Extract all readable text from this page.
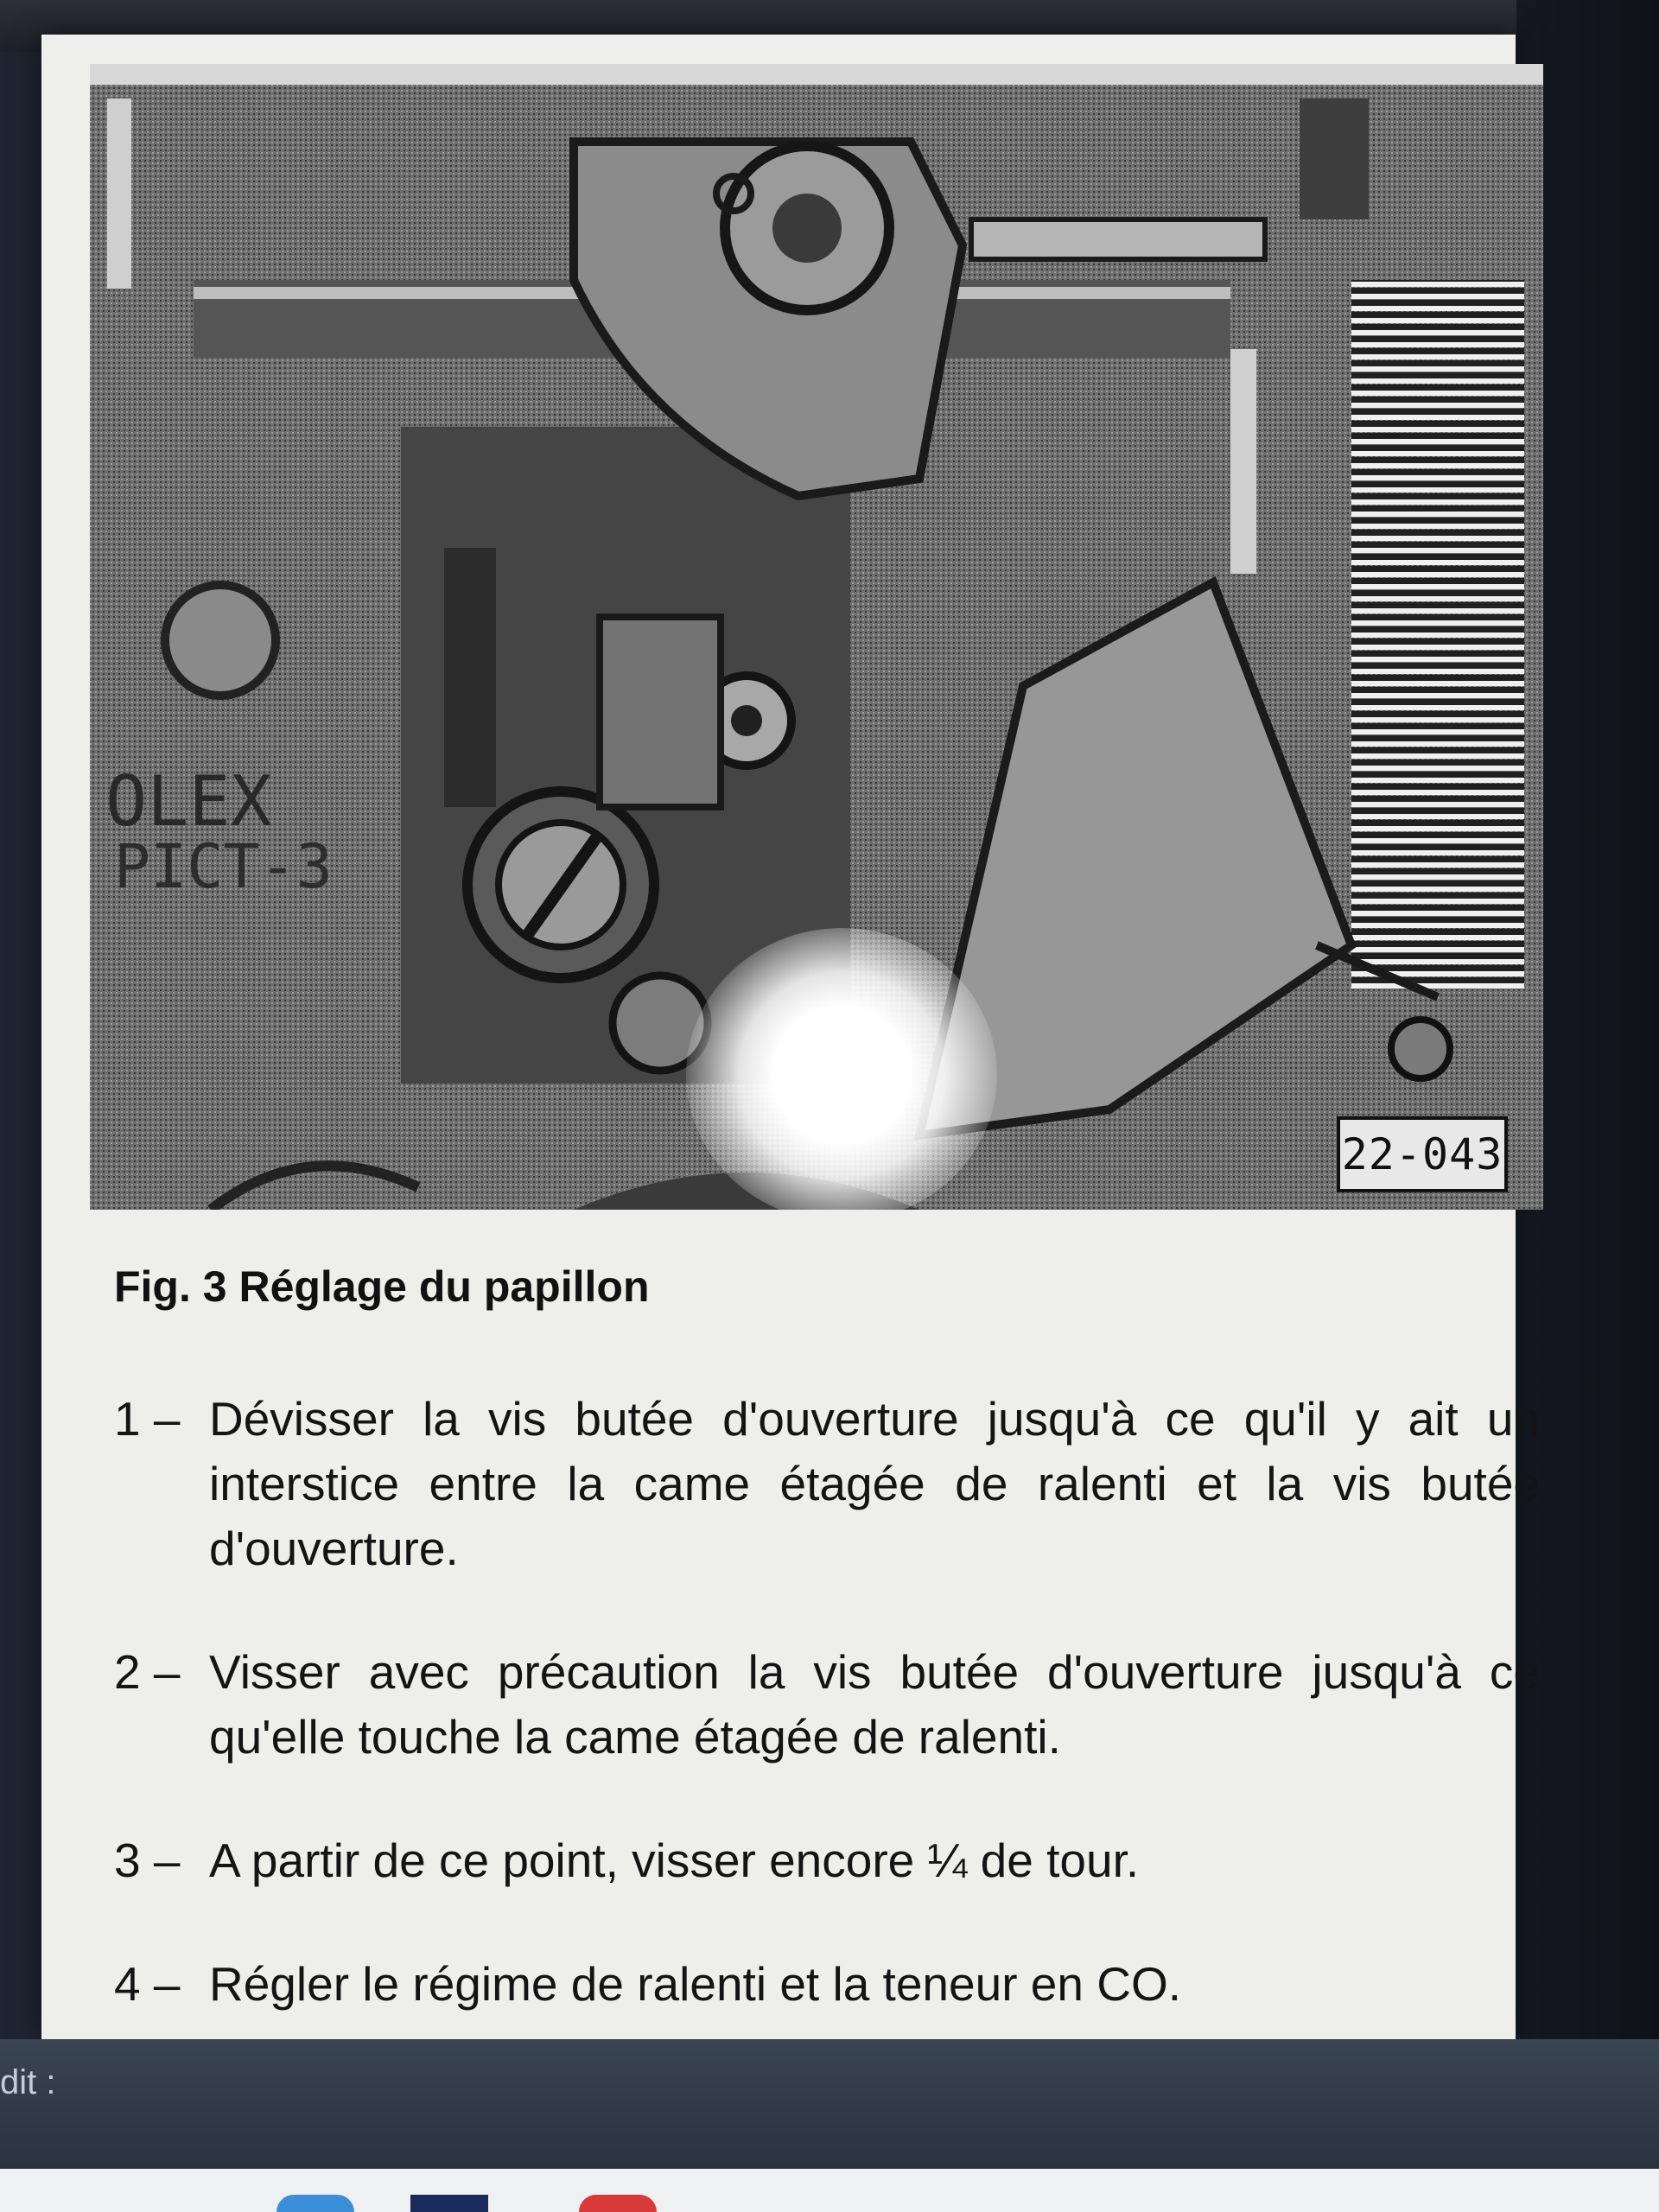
OLEX
PICT-3
22-043
Fig. 3 Réglage du papillon
1 – Dévisser la vis butée d'ouverture jusqu'à ce qu'il y ait un interstice entre la came étagée de ralenti et la vis butée d'ouverture.
2 – Visser avec précaution la vis butée d'ouverture jusqu'à ce qu'elle touche la came étagée de ralenti.
3 – A partir de ce point, visser encore ¼ de tour.
4 – Régler le régime de ralenti et la teneur en CO.
dit :
